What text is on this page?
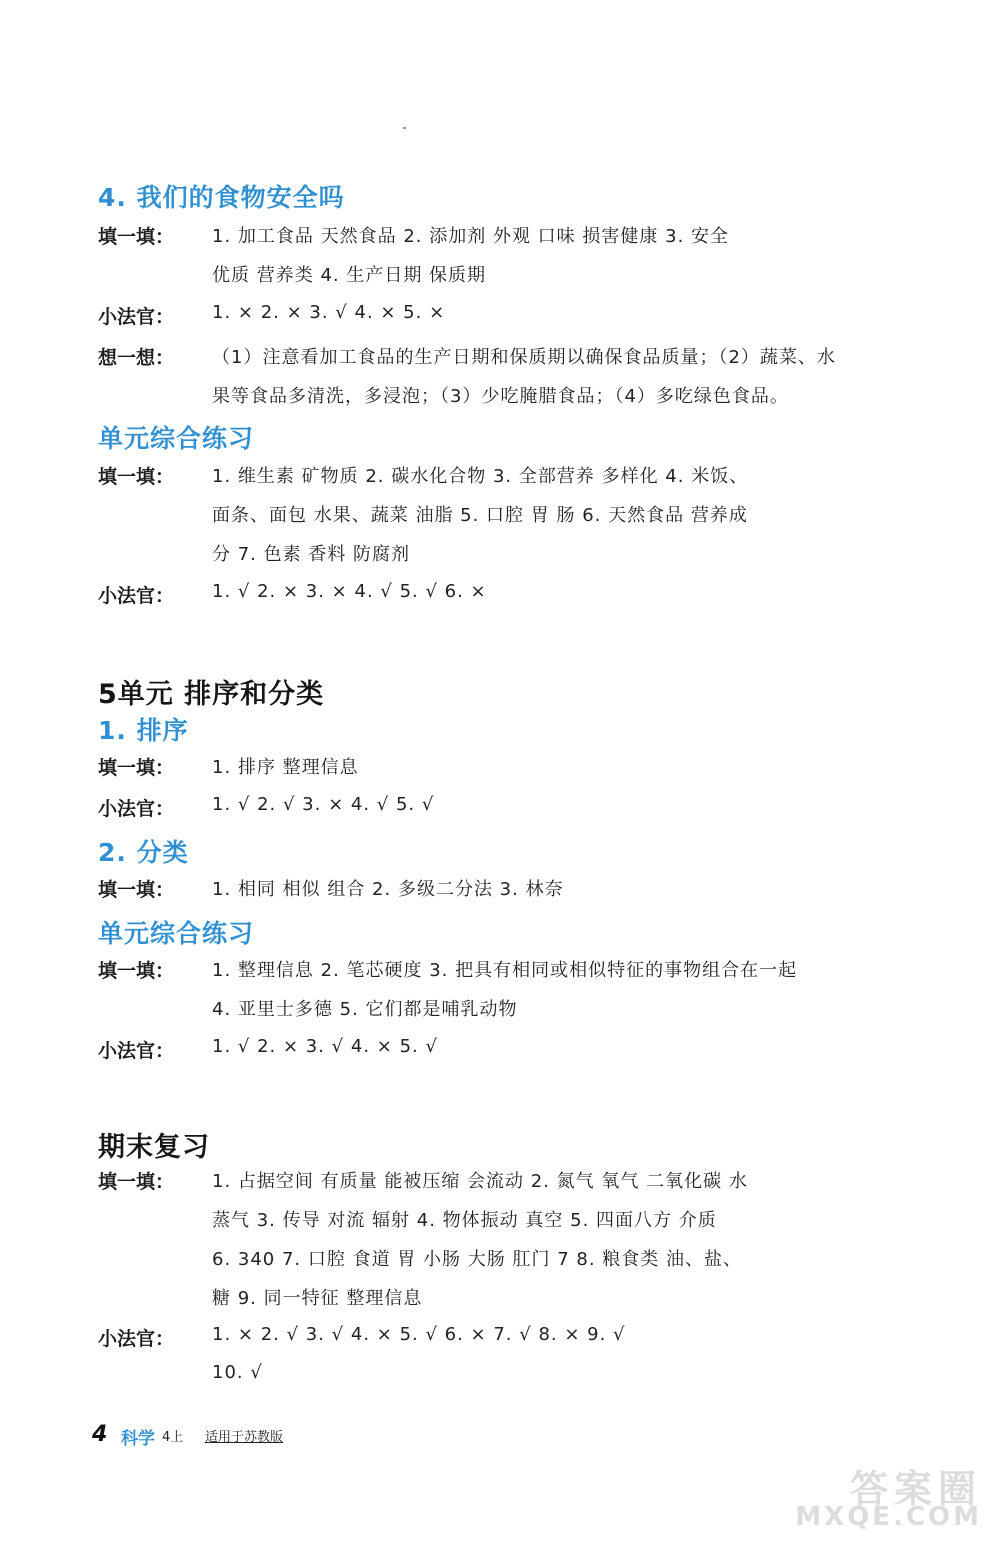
4. 我们的食物安全吗
填一填：	1. 加工食品 天然食品 2. 添加剂 外观 口味 损害健康 3. 安全
优质 营养类 4. 生产日期 保质期
小法官：	1. × 2. × 3. √ 4. × 5. ×
想一想：	（1）注意看加工食品的生产日期和保质期以确保食品质量；（2）蔬菜、水
果等食品多清洗，多浸泡；（3）少吃腌腊食品；（4）多吃绿色食品。
单元综合练习
填一填：	1. 维生素 矿物质 2. 碳水化合物 3. 全部营养 多样化 4. 米饭、
面条、面包 水果、蔬菜 油脂 5. 口腔 胃 肠 6. 天然食品 营养成
分 7. 色素 香料 防腐剂
小法官：	1. √ 2. × 3. × 4. √ 5. √ 6. ×
5单元 排序和分类
1. 排序
填一填：	1. 排序 整理信息
小法官：	1. √ 2. √ 3. × 4. √ 5. √
2. 分类
填一填：	1. 相同 相似 组合 2. 多级二分法 3. 林奈
单元综合练习
填一填：	1. 整理信息 2. 笔芯硬度 3. 把具有相同或相似特征的事物组合在一起
4. 亚里士多德 5. 它们都是哺乳动物
小法官：	1. √ 2. × 3. √ 4. × 5. √
期末复习
填一填：	1. 占据空间 有质量 能被压缩 会流动 2. 氮气 氧气 二氧化碳 水
蒸气 3. 传导 对流 辐射 4. 物体振动 真空 5. 四面八方 介质
6. 340 7. 口腔 食道 胃 小肠 大肠 肛门 7 8. 粮食类 油、盐、
糖 9. 同一特征 整理信息
小法官：	1. × 2. √ 3. √ 4. × 5. √ 6. × 7. √ 8. × 9. √
10. √
4 科学 4上 适用于苏教版
答案圈
MXQE.COM
